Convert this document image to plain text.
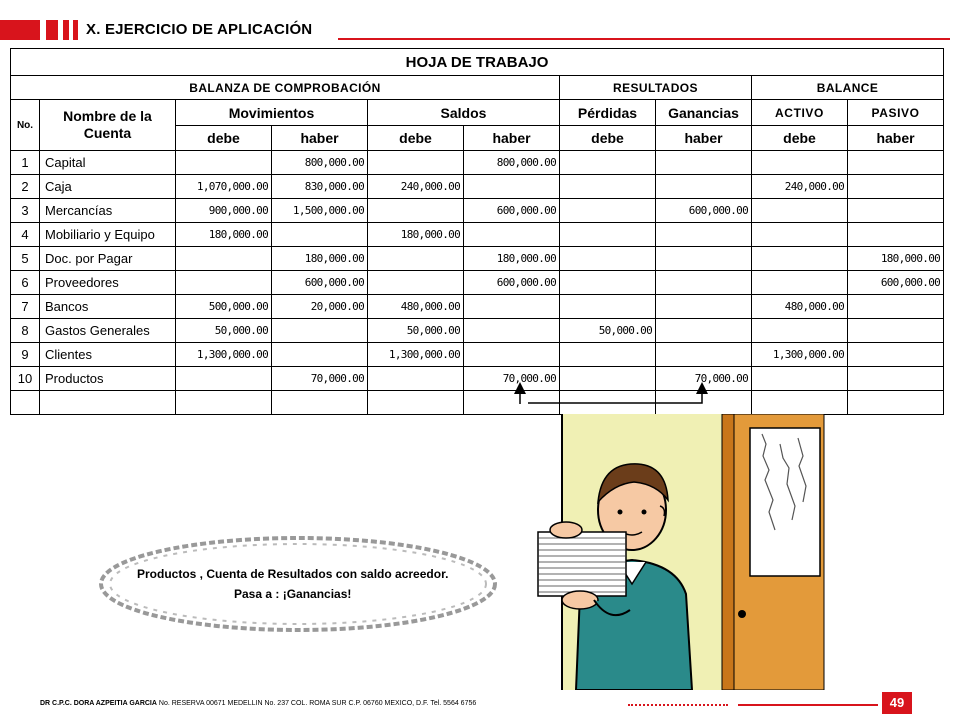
X. EJERCICIO DE APLICACIÓN
HOJA DE TRABAJO									
BALANZA DE COMPROBACIÓN						RESULTADOS		BALANCE	
No.	Nombre de la Cuenta	Movimientos		Saldos		Pérdidas	Ganancias	ACTIVO	PASIVO
		debe	haber	debe	haber	debe	haber	debe	haber
1	Capital		800,000.00		800,000.00				
2	Caja	1,070,000.00	830,000.00	240,000.00				240,000.00	
3	Mercancías	900,000.00	1,500,000.00		600,000.00		600,000.00		
4	Mobiliario y Equipo	180,000.00		180,000.00					
5	Doc. por Pagar		180,000.00		180,000.00				180,000.00
6	Proveedores		600,000.00		600,000.00				600,000.00
7	Bancos	500,000.00	20,000.00	480,000.00				480,000.00	
8	Gastos Generales	50,000.00		50,000.00		50,000.00			
9	Clientes	1,300,000.00		1,300,000.00				1,300,000.00	
10	Productos		70,000.00		70,000.00		70,000.00		

Productos , Cuenta de Resultados con saldo acreedor.
Pasa a : ¡Ganancias!
DR C.P.C. DORA AZPEITIA GARCIA No. RESERVA 00671 MEDELLIN No. 237 COL. ROMA SUR C.P. 06760 MEXICO, D.F. Tel. 5564 6756	49
